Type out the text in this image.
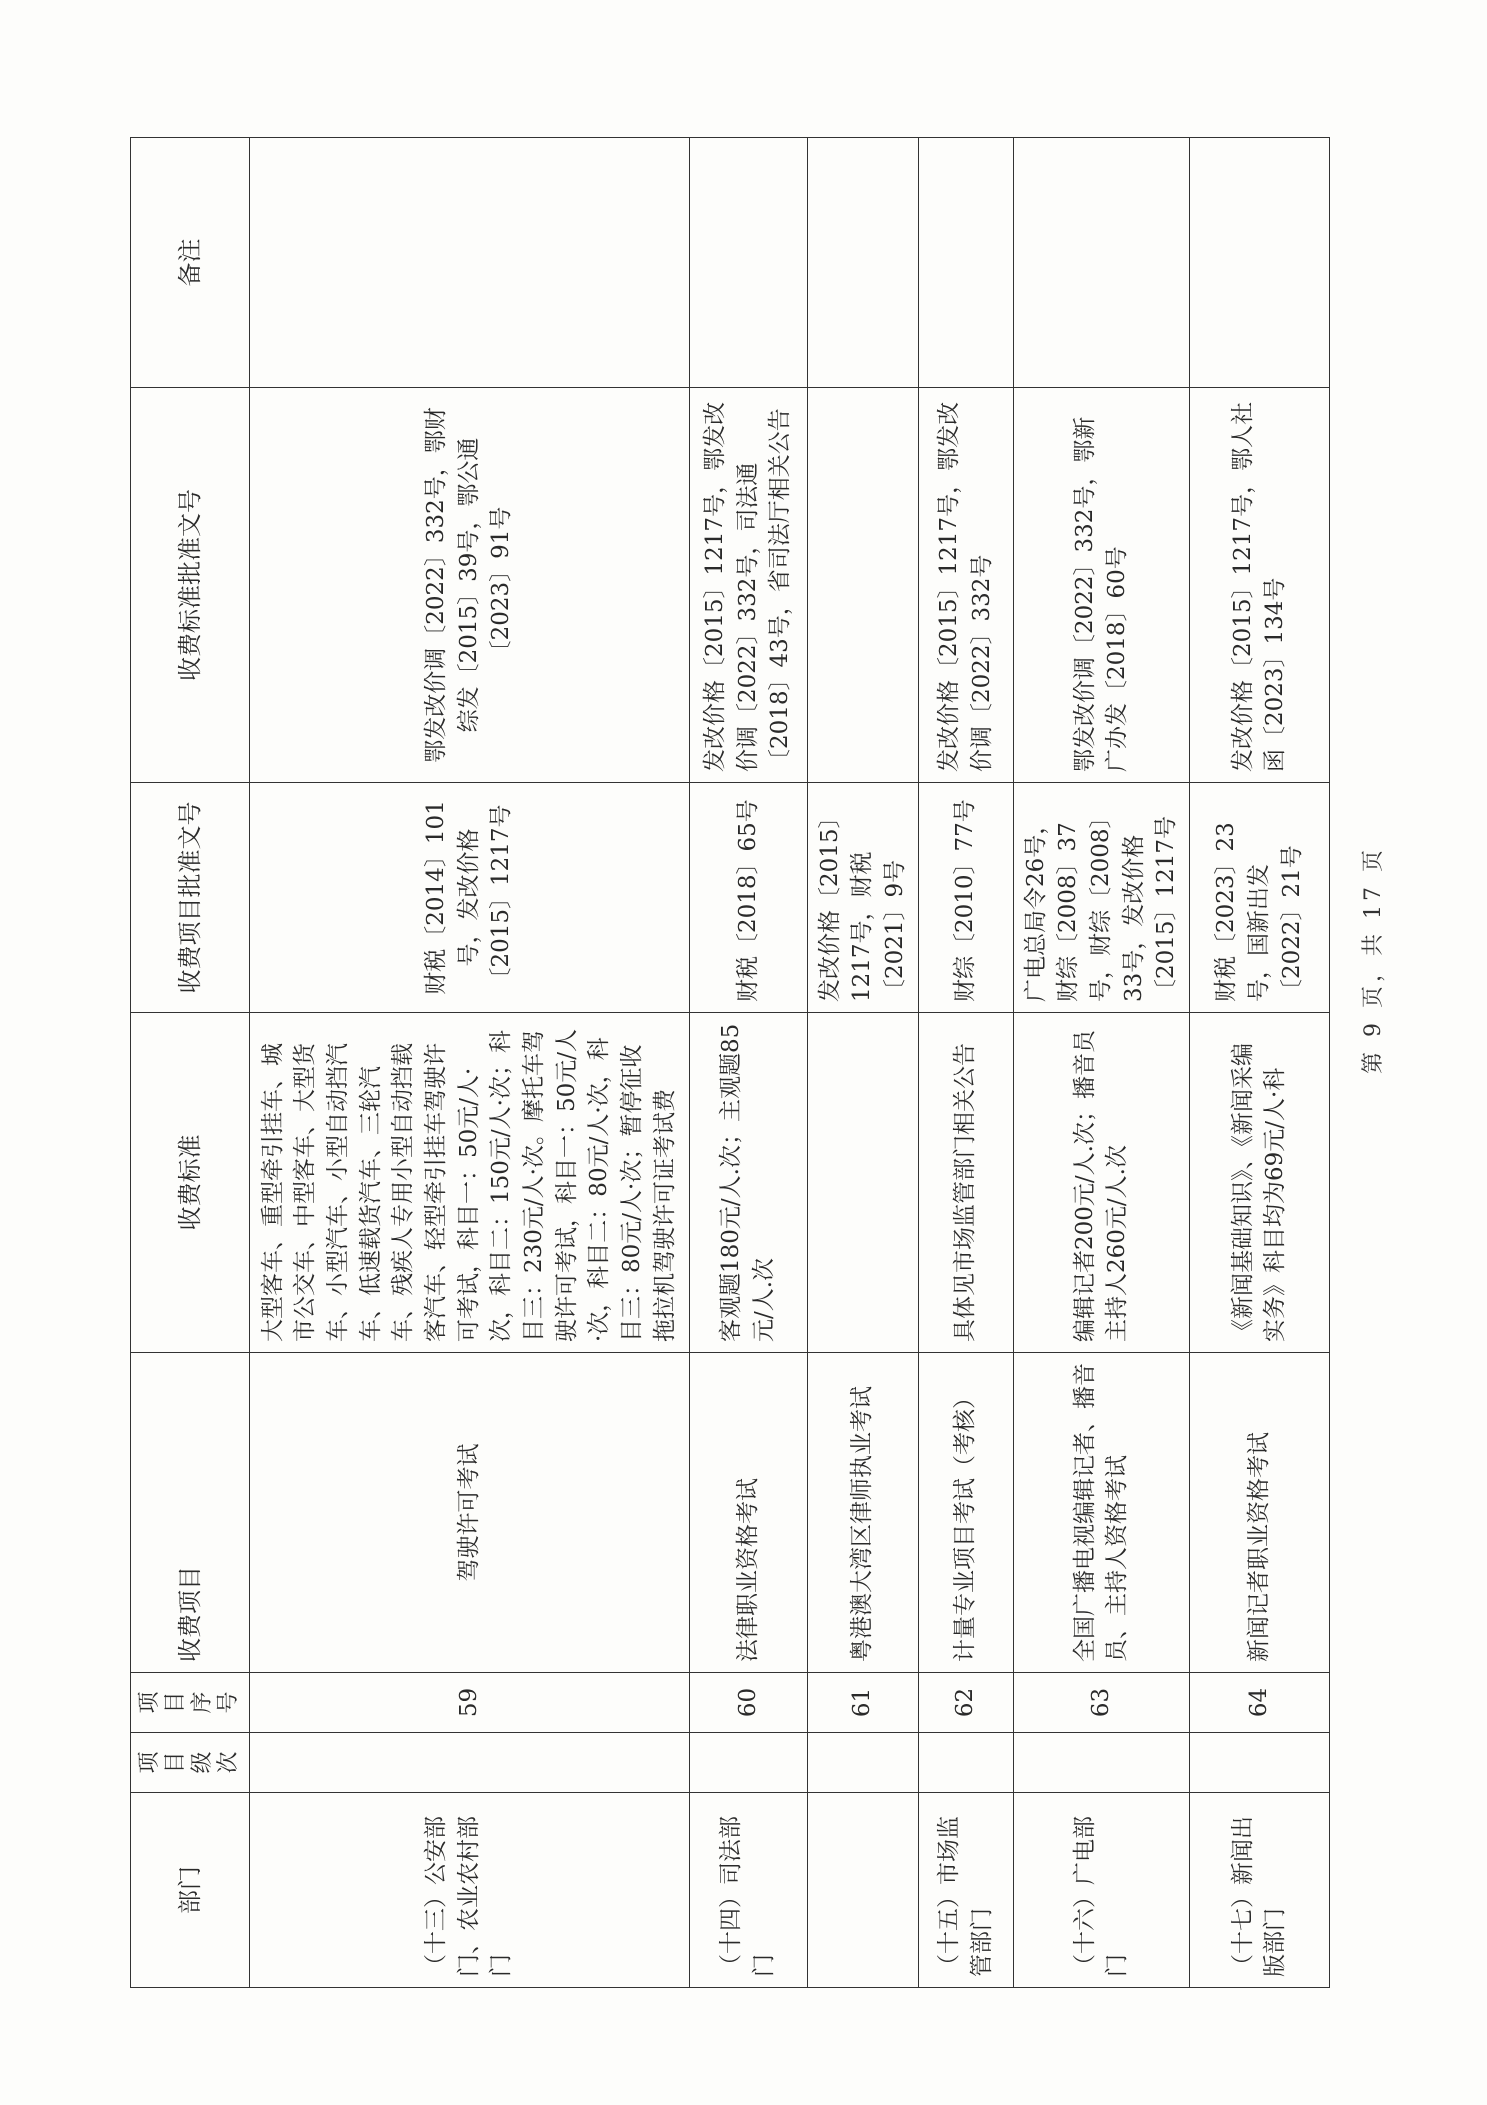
部门	项目级次	项目序号	收费项目	收费标准	收费项目批准文号	收费标准批准文号	备注
（十三）公安部门、农业农村部门		59	驾驶许可考试	大型客车、重型牵引挂车、城市公交车、中型客车、大型货车、小型汽车、小型自动挡汽车、低速载货汽车、三轮汽车、残疾人专用小型自动挡载客汽车、轻型牵引挂车驾驶许可考试，科目一：50元/人·次，科目二：150元/人·次；科目三：230元/人·次。摩托车驾驶许可考试，科目一：50元/人·次，科目二：80元/人·次，科目三：80元/人·次；暂停征收拖拉机驾驶许可证考试费	财税〔2014〕101号，发改价格〔2015〕1217号	鄂发改价调〔2022〕332号，鄂财综发〔2015〕39号，鄂公通〔2023〕91号	
（十四）司法部门		60	法律职业资格考试	客观题180元/人.次；主观题85元/人.次	财税〔2018〕65号	发改价格〔2015〕1217号，鄂发改价调〔2022〕332号，司法通〔2018〕43号，省司法厅相关公告	
		61	粤港澳大湾区律师执业考试		发改价格〔2015〕1217号，财税〔2021〕9号		
（十五）市场监管部门		62	计量专业项目考试（考核）	具体见市场监管部门相关公告	财综〔2010〕77号	发改价格〔2015〕1217号，鄂发改价调〔2022〕332号	
（十六）广电部门		63	全国广播电视编辑记者、播音员、主持人资格考试	编辑记者200元/人.次；播音员主持人260元/人.次	广电总局令26号，财综〔2008〕37号，财综〔2008〕33号，发改价格〔2015〕1217号	鄂发改价调〔2022〕332号，鄂新广办发〔2018〕60号	
（十七）新闻出版部门		64	新闻记者职业资格考试	《新闻基础知识》、《新闻采编实务》科目均为69元/人·科	财税〔2023〕23号，国新出发〔2022〕21号	发改价格〔2015〕1217号，鄂人社函〔2023〕134号	
第 9 页，共 17 页
